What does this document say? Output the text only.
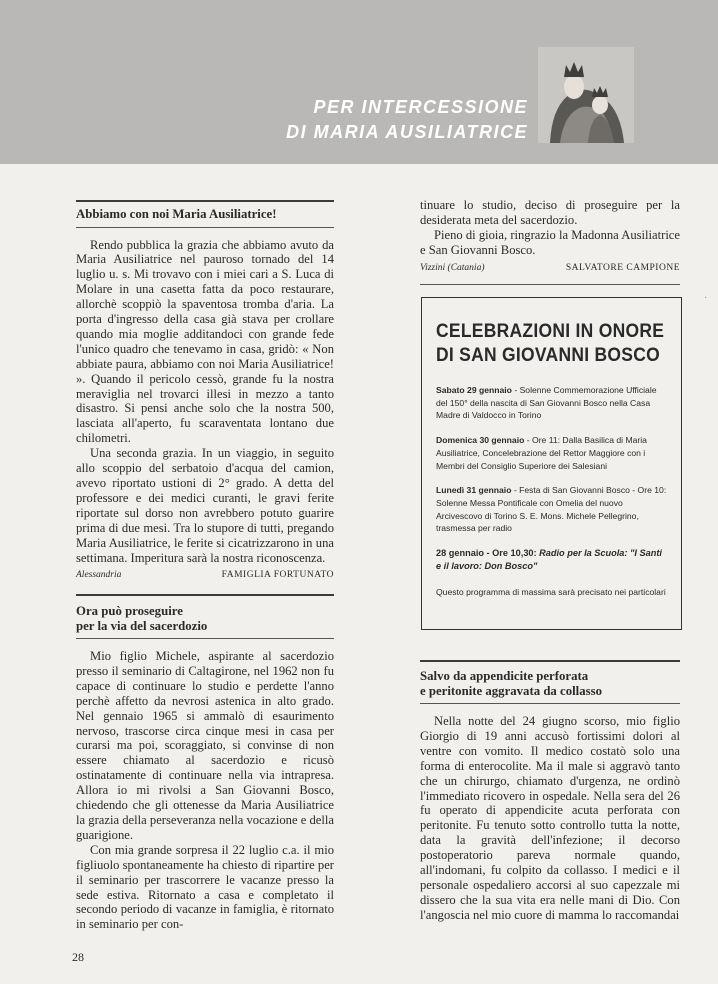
PER INTERCESSIONE
DI MARIA AUSILIATRICE
Abbiamo con noi Maria Ausiliatrice!

Rendo pubblica la grazia che abbiamo avuto da Maria Ausiliatrice nel pauroso tornado del 14 luglio u. s. Mi trovavo con i miei cari a S. Luca di Molare in una casetta fatta da poco restaurare, allorchè scoppiò la spaventosa tromba d'aria. La porta d'ingresso della casa già stava per crollare quando mia moglie additandoci con grande fede l'unico quadro che tenevamo in casa, gridò: « Non abbiate paura, abbiamo con noi Maria Ausiliatrice! ». Quando il pericolo cessò, grande fu la nostra meraviglia nel trovarci illesi in mezzo a tanto disastro. Si pensi anche solo che la nostra 500, lasciata all'aperto, fu scaraventata lontano due chilometri.

Una seconda grazia. In un viaggio, in seguito allo scoppio del serbatoio d'acqua del camion, avevo riportato ustioni di 2° grado. A detta del professore e dei medici curanti, le gravi ferite riportate sul dorso non avrebbero potuto guarire prima di due mesi. Tra lo stupore di tutti, pregando Maria Ausiliatrice, le ferite si cicatrizzarono in una settimana. Imperitura sarà la nostra riconoscenza.

Alessandria	FAMIGLIA FORTUNATO
Ora può proseguire
per la via del sacerdozio

Mio figlio Michele, aspirante al sacerdozio presso il seminario di Caltagirone, nel 1962 non fu capace di continuare lo studio e perdette l'anno perchè affetto da nevrosi astenica in alto grado. Nel gennaio 1965 si ammalò di esaurimento nervoso, trascorse circa cinque mesi in casa per curarsi ma poi, scoraggiato, si convinse di non essere chiamato al sacerdozio e ricusò ostinatamente di continuare nella via intrapresa. Allora io mi rivolsi a San Giovanni Bosco, chiedendo che gli ottenesse da Maria Ausiliatrice la grazia della perseveranza nella vocazione e della guarigione.

Con mia grande sorpresa il 22 luglio c.a. il mio figliuolo spontaneamente ha chiesto di ripartire per il seminario per trascorrere le vacanze presso la sede estiva. Ritornato a casa e completato il secondo periodo di vacanze in famiglia, è ritornato in seminario per con-

tinuare lo studio, deciso di proseguire per la desiderata meta del sacerdozio.

Pieno di gioia, ringrazio la Madonna Ausiliatrice e San Giovanni Bosco.

Vizzini (Catania)	SALVATORE CAMPIONE
CELEBRAZIONI IN ONORE
DI SAN GIOVANNI BOSCO
Sabato 29 gennaio - Solenne Commemorazione Ufficiale del 150° della nascita di San Giovanni Bosco nella Casa Madre di Valdocco in Torino
Domenica 30 gennaio - Ore 11: Dalla Basilica di Maria Ausiliatrice, Concelebrazione del Rettor Maggiore con i Membri del Consiglio Superiore dei Salesiani
Lunedì 31 gennaio - Festa di San Giovanni Bosco - Ore 10: Solenne Messa Pontificale con Omelia del nuovo Arcivescovo di Torino S. E. Mons. Michele Pellegrino, trasmessa per radio
28 gennaio - Ore 10,30: Radio per la Scuola: "I Santi e il lavoro: Don Bosco"
Questo programma di massima sarà precisato nei particolari
Salvo da appendicite perforata
e peritonite aggravata da collasso

Nella notte del 24 giugno scorso, mio figlio Giorgio di 19 anni accusò fortissimi dolori al ventre con vomito. Il medico costatò solo una forma di enterocolite. Ma il male si aggravò tanto che un chirurgo, chiamato d'urgenza, ne ordinò l'immediato ricovero in ospedale. Nella sera del 26 fu operato di appendicite acuta perforata con peritonite. Fu tenuto sotto controllo tutta la notte, data la gravità dell'infezione; il decorso postoperatorio pareva normale quando, all'indomani, fu colpito da collasso. I medici e il personale ospedaliero accorsi al suo capezzale mi dissero che la sua vita era nelle mani di Dio. Con l'angoscia nel mio cuore di mamma lo raccomandai

28
·
